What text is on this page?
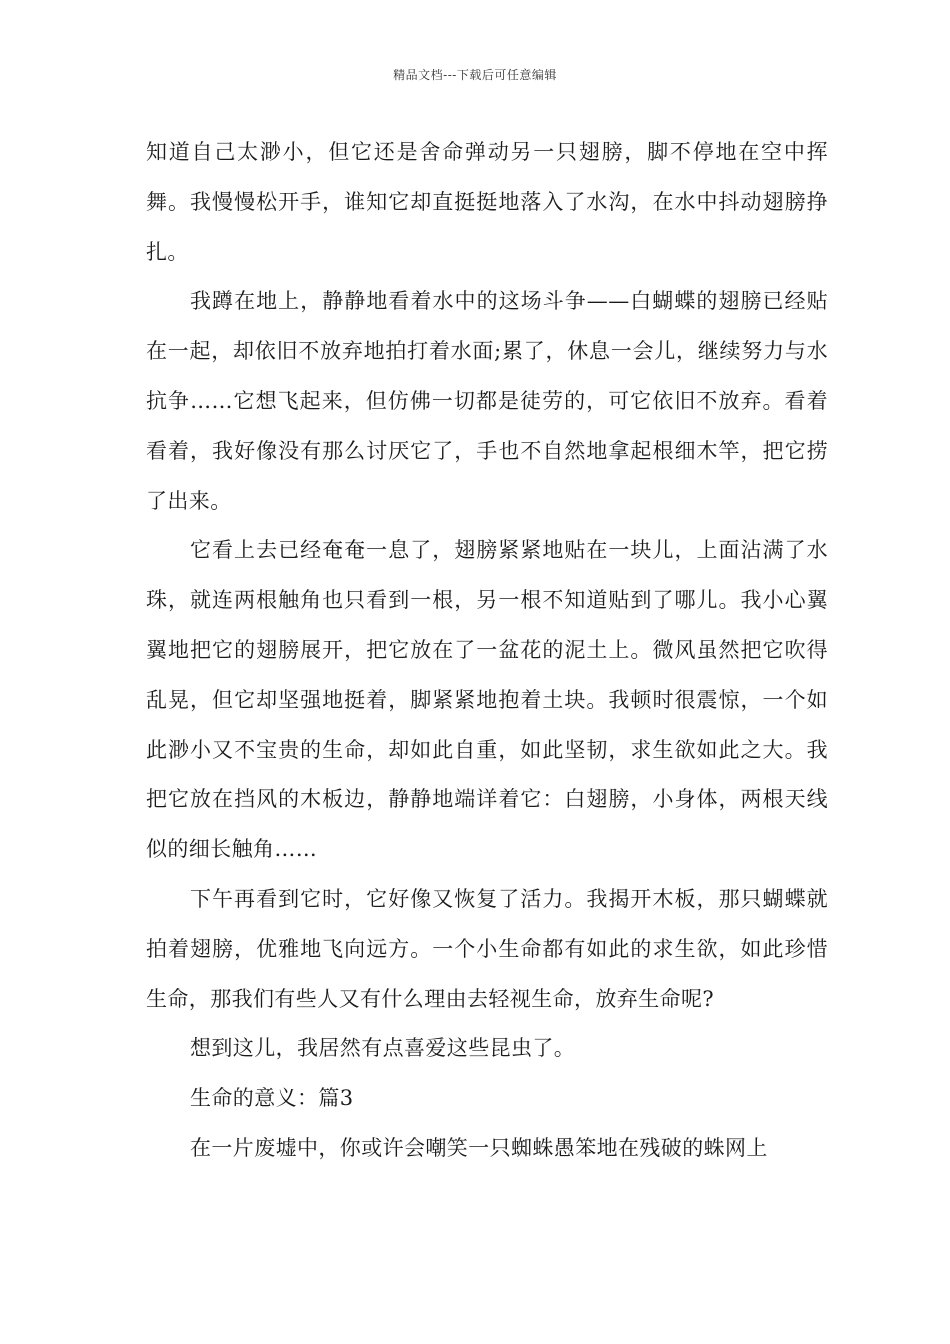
精品文档---下载后可任意编辑

知道自己太渺小，但它还是舍命弹动另一只翅膀，脚不停地在空中挥舞。我慢慢松开手，谁知它却直挺挺地落入了水沟，在水中抖动翅膀挣扎。

我蹲在地上，静静地看着水中的这场斗争——白蝴蝶的翅膀已经贴在一起，却依旧不放弃地拍打着水面;累了，休息一会儿，继续努力与水抗争……它想飞起来，但仿佛一切都是徒劳的，可它依旧不放弃。看着看着，我好像没有那么讨厌它了，手也不自然地拿起根细木竿，把它捞了出来。

它看上去已经奄奄一息了，翅膀紧紧地贴在一块儿，上面沾满了水珠，就连两根触角也只看到一根，另一根不知道贴到了哪儿。我小心翼翼地把它的翅膀展开，把它放在了一盆花的泥土上。微风虽然把它吹得乱晃，但它却坚强地挺着，脚紧紧地抱着土块。我顿时很震惊，一个如此渺小又不宝贵的生命，却如此自重，如此坚韧，求生欲如此之大。我把它放在挡风的木板边，静静地端详着它：白翅膀，小身体，两根天线似的细长触角……

下午再看到它时，它好像又恢复了活力。我揭开木板，那只蝴蝶就拍着翅膀，优雅地飞向远方。一个小生命都有如此的求生欲，如此珍惜生命，那我们有些人又有什么理由去轻视生命，放弃生命呢?

想到这儿，我居然有点喜爱这些昆虫了。

生命的意义：篇3

在一片废墟中，你或许会嘲笑一只蜘蛛愚笨地在残破的蛛网上
